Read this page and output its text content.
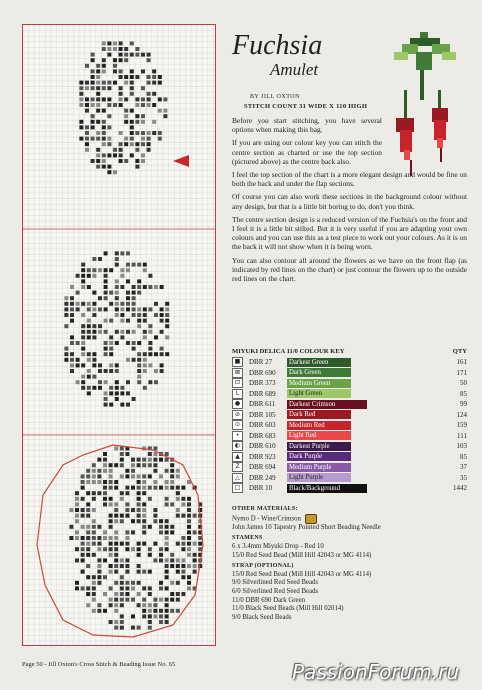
Fuchsia
Amulet
BY JILL OXTON
STITCH COUNT 31 WIDE X 110 HIGH

Before you start stitching, you have several options when making this bag.

If you are using our colour key you can stitch the centre section as charted or use the top section (pictured above) as the centre back also.

I feel the top section of the chart is a more elegant design and would be fine on both the back and under the flap sections.

Of course you can also work these sections in the background colour without any design, but that is a little bit boring to do, don't you think.

The centre section design is a reduced version of the Fuchsia's on the front and I feel it is a little bit stilted. But it is very useful if you are adapting your own colours and you can use this as a test piece to work out your colours. As it is on the back it will not show when it is being worn.

You can also contour all around the flowers as we have on the front flap (as indicated by red lines on the chart) or just contour the flowers up to the outside red lines on the chart.

MIYUKI DELICA 11/0 COLOUR KEY	QTY
■	DBR 27	Darkest Green	161
⊠	DBR 690	Dark Green	171
⊡	DBR 373	Medium Green	50
L	DBR 689	Light Green	85
●	DBR 611	Darkest Crimson	99
⊘	DBR 105	Dark Red	124
⊙	DBR 603	Medium Red	159
•	DBR 683	Light Red	111
◐	DBR 610	Darkest Purple	103
▲	DBR 923	Dark Purple	85
Z	DBR 694	Medium Purple	37
△	DBR 249	Light Purple	35
□	DBR 10	Black/Background	1442
OTHER MATERIALS:
Nymo D - Wine/Crimson
John James 10 Tapestry Pointed Short Beading Needle
STAMENS
6 x 3.4mm Miyuki Drop - Red 10
15/0 Red Seed Bead (Mill Hill 42043 or MG 4114)
STRAP (OPTIONAL)
15/0 Red Seed Bead (Mill Hill 42043 or MG 4114)
9/0 Silverlined Red Seed Beads
6/0 Silverlined Red Seed Beads
11/0 DBR 690 Dark Green
11/0 Black Seed Beads (Mill Hill 02014)
9/0 Black Seed Beads
Page 50 - Jill Oxton's Cross Stitch & Beading Issue No. 65	PassionForum.ru
